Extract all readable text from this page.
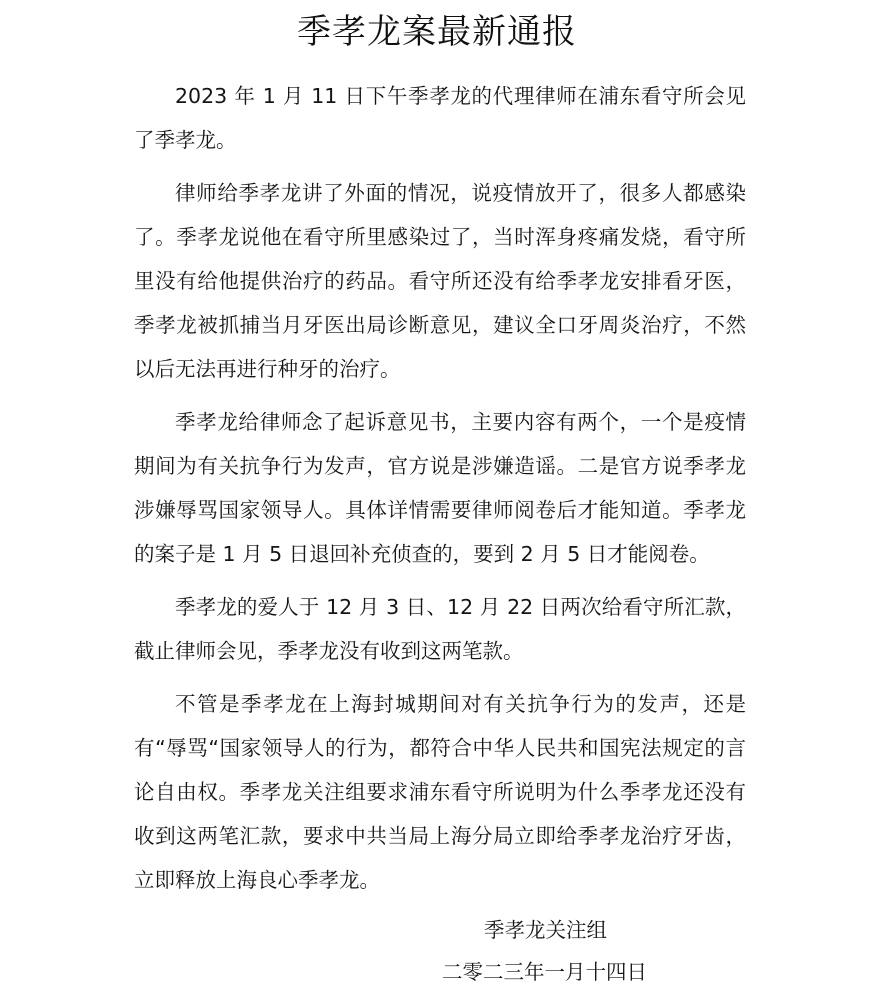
季孝龙案最新通报

2023 年 1 月 11 日下午季孝龙的代理律师在浦东看守所会见了季孝龙。

律师给季孝龙讲了外面的情况，说疫情放开了，很多人都感染了。季孝龙说他在看守所里感染过了，当时浑身疼痛发烧，看守所里没有给他提供治疗的药品。看守所还没有给季孝龙安排看牙医，季孝龙被抓捕当月牙医出局诊断意见，建议全口牙周炎治疗，不然以后无法再进行种牙的治疗。

季孝龙给律师念了起诉意见书，主要内容有两个，一个是疫情期间为有关抗争行为发声，官方说是涉嫌造谣。二是官方说季孝龙涉嫌辱骂国家领导人。具体详情需要律师阅卷后才能知道。季孝龙的案子是 1 月 5 日退回补充侦查的，要到 2 月 5 日才能阅卷。

季孝龙的爱人于 12 月 3 日、12 月 22 日两次给看守所汇款，截止律师会见，季孝龙没有收到这两笔款。

不管是季孝龙在上海封城期间对有关抗争行为的发声，还是有“辱骂“国家领导人的行为，都符合中华人民共和国宪法规定的言论自由权。季孝龙关注组要求浦东看守所说明为什么季孝龙还没有收到这两笔汇款，要求中共当局上海分局立即给季孝龙治疗牙齿，立即释放上海良心季孝龙。

季孝龙关注组
二零二三年一月十四日
